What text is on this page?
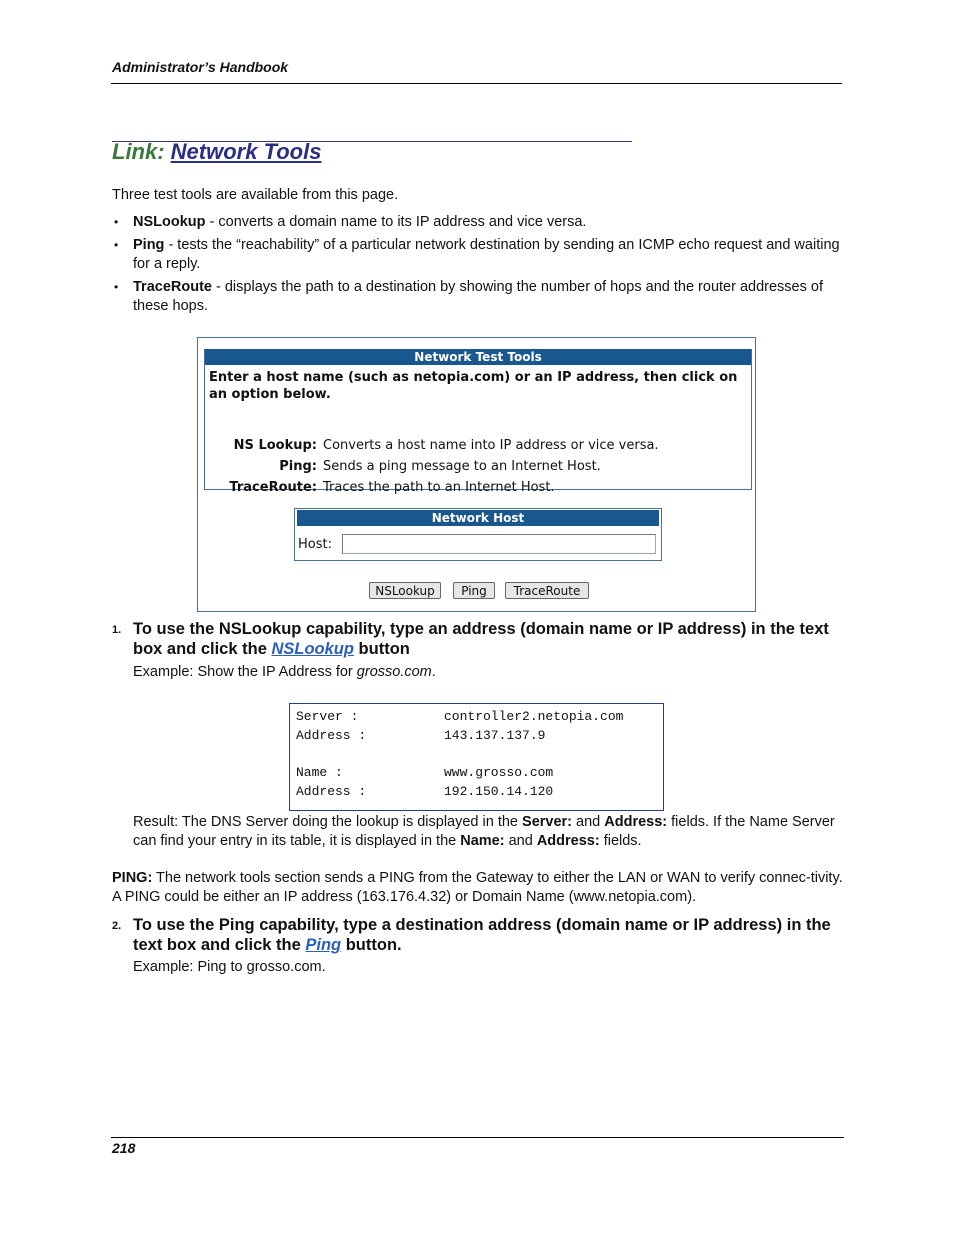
Administrator’s Handbook
Link: Network Tools
Three test tools are available from this page.
• NSLookup - converts a domain name to its IP address and vice versa.
• Ping - tests the “reachability” of a particular network destination by sending an ICMP echo request and waiting for a reply.
• TraceRoute - displays the path to a destination by showing the number of hops and the router addresses of these hops.
Network Test Tools
Enter a host name (such as netopia.com) or an IP address, then click on an option below.
NS Lookup: Converts a host name into IP address or vice versa.
Ping: Sends a ping message to an Internet Host.
TraceRoute: Traces the path to an Internet Host.
Network Host
Host:
NSLookup	Ping	TraceRoute
1. To use the NSLookup capability, type an address (domain name or IP address) in the text box and click the NSLookup button
Example: Show the IP Address for grosso.com.
Server :	controller2.netopia.com
Address :	143.137.137.9
Name :	www.grosso.com
Address :	192.150.14.120
Result: The DNS Server doing the lookup is displayed in the Server: and Address: fields. If the Name Server can find your entry in its table, it is displayed in the Name: and Address: fields.
PING: The network tools section sends a PING from the Gateway to either the LAN or WAN to verify connec-tivity. A PING could be either an IP address (163.176.4.32) or Domain Name (www.netopia.com).
2. To use the Ping capability, type a destination address (domain name or IP address) in the text box and click the Ping button.
Example: Ping to grosso.com.
218
